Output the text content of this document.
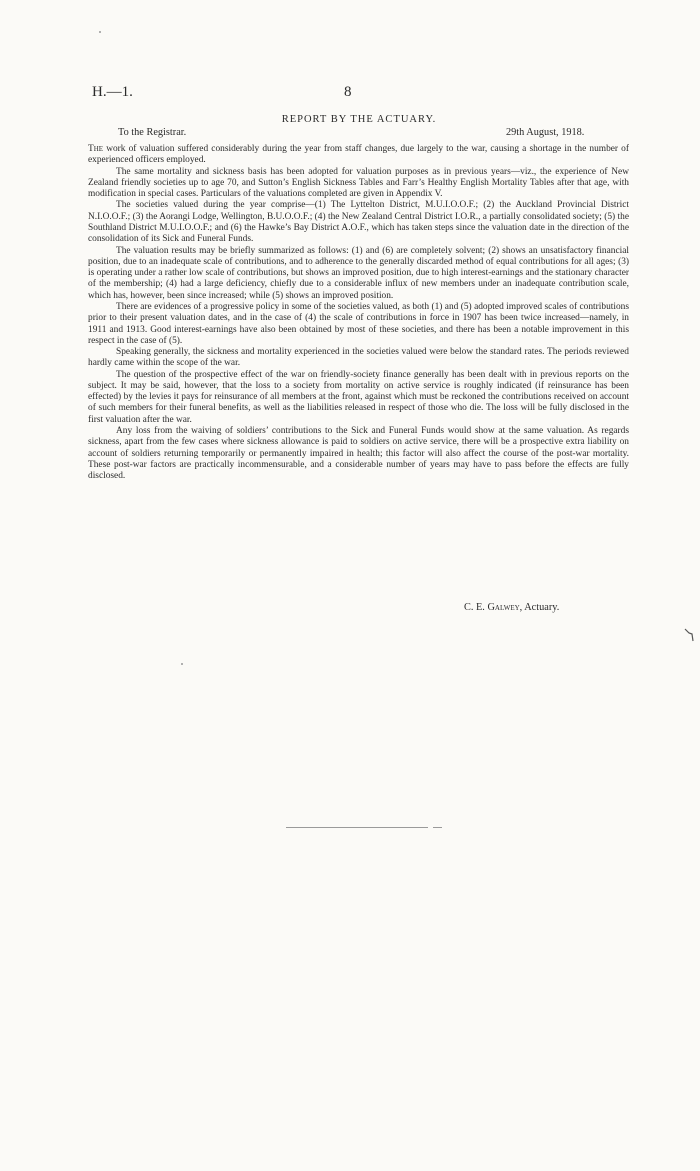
H.—1.	8
REPORT BY THE ACTUARY.
To the Registrar.	29th August, 1918.

The work of valuation suffered considerably during the year from staff changes, due largely to the war, causing a shortage in the number of experienced officers employed.

The same mortality and sickness basis has been adopted for valuation purposes as in previous years—viz., the experience of New Zealand friendly societies up to age 70, and Sutton’s English Sickness Tables and Farr’s Healthy English Mortality Tables after that age, with modification in special cases. Particulars of the valuations completed are given in Appendix V.

The societies valued during the year comprise—(1) The Lyttelton District, M.U.I.O.O.F.; (2) the Auckland Provincial District N.I.O.O.F.; (3) the Aorangi Lodge, Wellington, B.U.O.O.F.; (4) the New Zealand Central District I.O.R., a partially consolidated society; (5) the Southland District M.U.I.O.O.F.; and (6) the Hawke’s Bay District A.O.F., which has taken steps since the valuation date in the direction of the consolidation of its Sick and Funeral Funds.

The valuation results may be briefly summarized as follows: (1) and (6) are completely solvent; (2) shows an unsatisfactory financial position, due to an inadequate scale of contributions, and to adherence to the generally discarded method of equal contributions for all ages; (3) is operating under a rather low scale of contributions, but shows an improved position, due to high interest-earnings and the stationary character of the membership; (4) had a large deficiency, chiefly due to a considerable influx of new members under an inadequate contribution scale, which has, however, been since increased; while (5) shows an improved position.

There are evidences of a progressive policy in some of the societies valued, as both (1) and (5) adopted improved scales of contributions prior to their present valuation dates, and in the case of (4) the scale of contributions in force in 1907 has been twice increased—namely, in 1911 and 1913. Good interest-earnings have also been obtained by most of these societies, and there has been a notable improvement in this respect in the case of (5).

Speaking generally, the sickness and mortality experienced in the societies valued were below the standard rates. The periods reviewed hardly came within the scope of the war.

The question of the prospective effect of the war on friendly-society finance generally has been dealt with in previous reports on the subject. It may be said, however, that the loss to a society from mortality on active service is roughly indicated (if reinsurance has been effected) by the levies it pays for reinsurance of all members at the front, against which must be reckoned the contributions received on account of such members for their funeral benefits, as well as the liabilities released in respect of those who die. The loss will be fully disclosed in the first valuation after the war.

Any loss from the waiving of soldiers’ contributions to the Sick and Funeral Funds would show at the same valuation. As regards sickness, apart from the few cases where sickness allowance is paid to soldiers on active service, there will be a prospective extra liability on account of soldiers returning temporarily or permanently impaired in health; this factor will also affect the course of the post-war mortality. These post-war factors are practically incommensurable, and a considerable number of years may have to pass before the effects are fully disclosed.

C. E. Galwey, Actuary.
